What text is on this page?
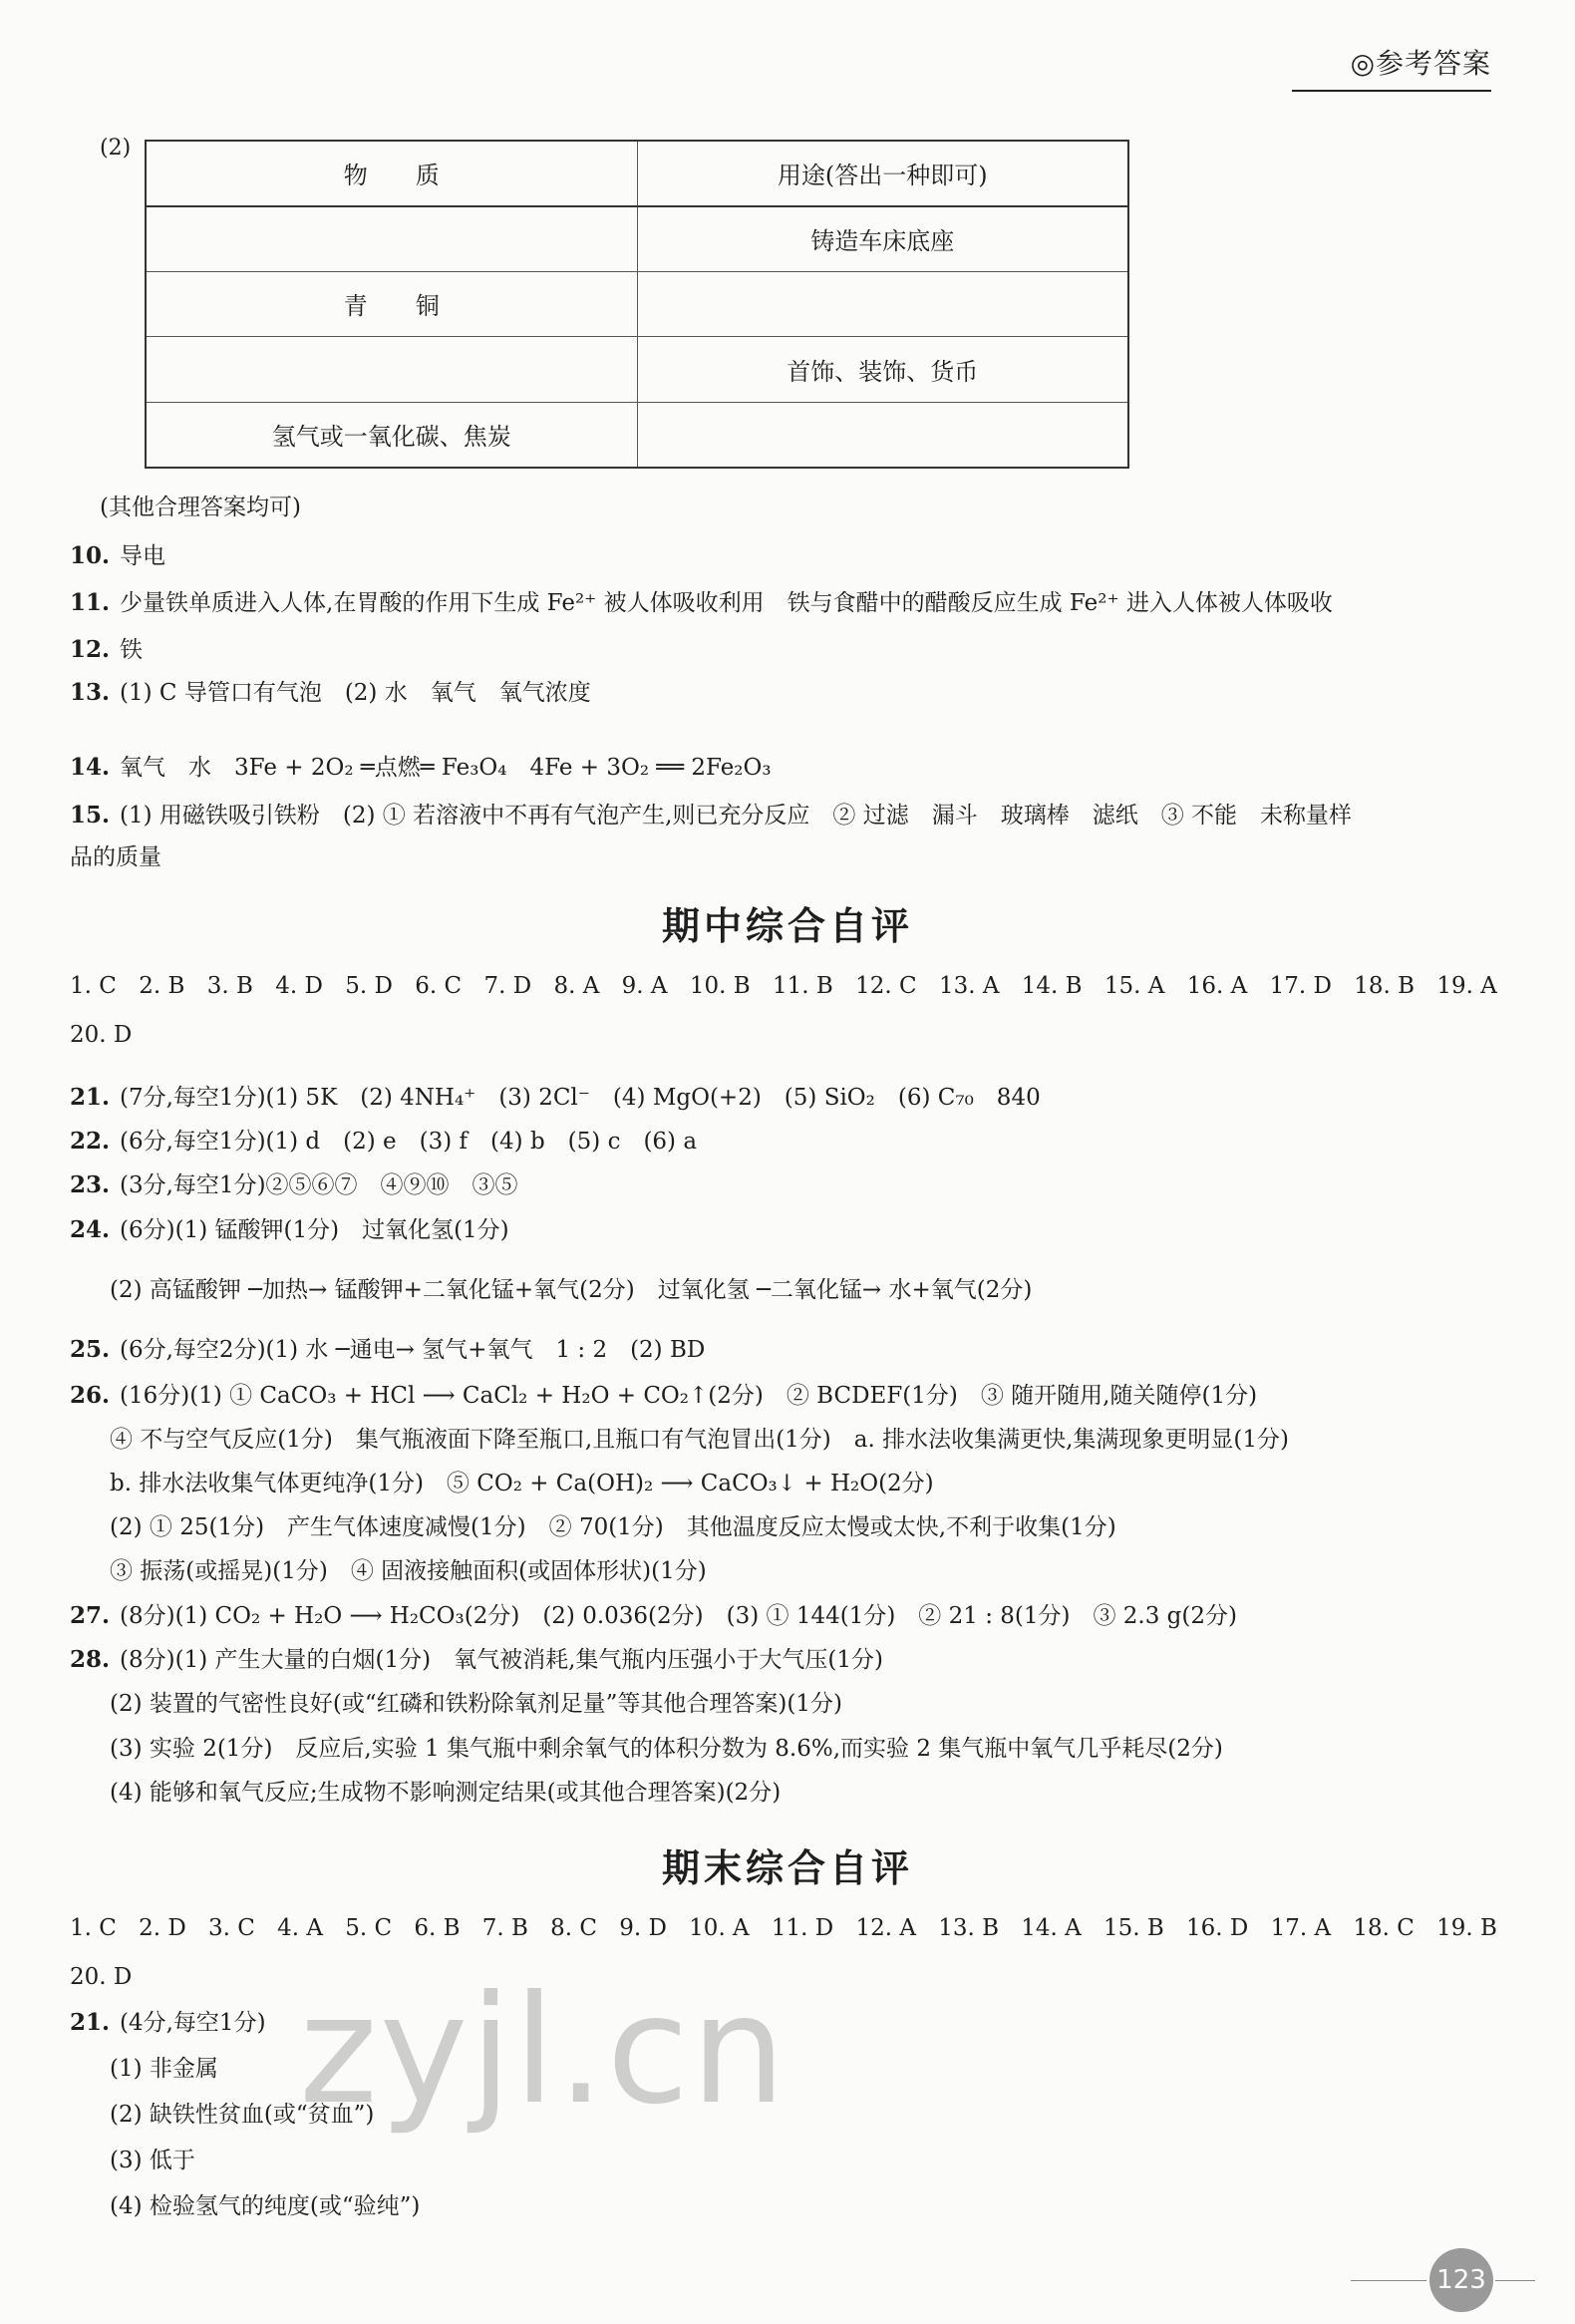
◎参考答案
(2)
物　　质	用途(答出一种即可)
	铸造车床底座
青　　铜	
	首饰、装饰、货币
氢气或一氧化碳、焦炭	
(其他合理答案均可)
10. 导电
11. 少量铁单质进入人体,在胃酸的作用下生成 Fe²⁺ 被人体吸收利用　铁与食醋中的醋酸反应生成 Fe²⁺ 进入人体被人体吸收
12. 铁
13. (1) C 导管口有气泡　(2) 水　氧气　氧气浓度
14. 氧气　水　3Fe + 2O₂ ═点燃═ Fe₃O₄　4Fe + 3O₂ ══ 2Fe₂O₃
15. (1) 用磁铁吸引铁粉　(2) ① 若溶液中不再有气泡产生,则已充分反应　② 过滤　漏斗　玻璃棒　滤纸　③ 不能　未称量样
品的质量
期中综合自评
1. C 2. B 3. B 4. D 5. D 6. C 7. D 8. A 9. A 10. B 11. B 12. C 13. A 14. B 15. A 16. A 17. D 18. B 19. A
20. D
21. (7分,每空1分)(1) 5K　(2) 4NH₄⁺　(3) 2Cl⁻　(4) MgO(+2)　(5) SiO₂　(6) C₇₀　840
22. (6分,每空1分)(1) d　(2) e　(3) f　(4) b　(5) c　(6) a
23. (3分,每空1分)②⑤⑥⑦　④⑨⑩　③⑤
24. (6分)(1) 锰酸钾(1分)　过氧化氢(1分)
(2) 高锰酸钾 ─加热→ 锰酸钾+二氧化锰+氧气(2分)　过氧化氢 ─二氧化锰→ 水+氧气(2分)
25. (6分,每空2分)(1) 水 ─通电→ 氢气+氧气　1 : 2　(2) BD
26. (16分)(1) ① CaCO₃ + HCl ⟶ CaCl₂ + H₂O + CO₂↑(2分)　② BCDEF(1分)　③ 随开随用,随关随停(1分)
④ 不与空气反应(1分)　集气瓶液面下降至瓶口,且瓶口有气泡冒出(1分)　a. 排水法收集满更快,集满现象更明显(1分)
b. 排水法收集气体更纯净(1分)　⑤ CO₂ + Ca(OH)₂ ⟶ CaCO₃↓ + H₂O(2分)
(2) ① 25(1分)　产生气体速度减慢(1分)　② 70(1分)　其他温度反应太慢或太快,不利于收集(1分)
③ 振荡(或摇晃)(1分)　④ 固液接触面积(或固体形状)(1分)
27. (8分)(1) CO₂ + H₂O ⟶ H₂CO₃(2分)　(2) 0.036(2分)　(3) ① 144(1分)　② 21 : 8(1分)　③ 2.3 g(2分)
28. (8分)(1) 产生大量的白烟(1分)　氧气被消耗,集气瓶内压强小于大气压(1分)
(2) 装置的气密性良好(或“红磷和铁粉除氧剂足量”等其他合理答案)(1分)
(3) 实验 2(1分)　反应后,实验 1 集气瓶中剩余氧气的体积分数为 8.6%,而实验 2 集气瓶中氧气几乎耗尽(2分)
(4) 能够和氧气反应;生成物不影响测定结果(或其他合理答案)(2分)
期末综合自评
1. C 2. D 3. C 4. A 5. C 6. B 7. B 8. C 9. D 10. A 11. D 12. A 13. B 14. A 15. B 16. D 17. A 18. C 19. B
20. D
21. (4分,每空1分)
(1) 非金属
(2) 缺铁性贫血(或“贫血”)
(3) 低于
(4) 检验氢气的纯度(或“验纯”)
zyjl.cn
123
